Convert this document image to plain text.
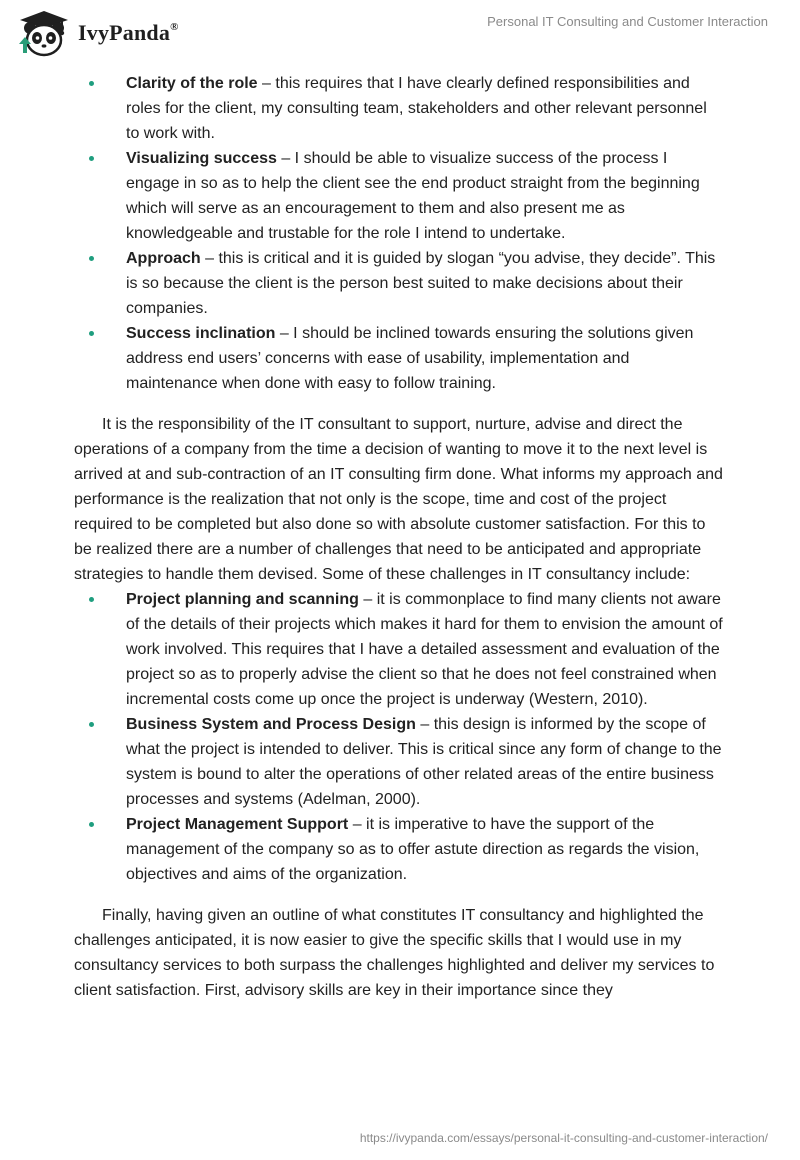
IvyPanda®	Personal IT Consulting and Customer Interaction
Clarity of the role – this requires that I have clearly defined responsibilities and roles for the client, my consulting team, stakeholders and other relevant personnel to work with.
Visualizing success – I should be able to visualize success of the process I engage in so as to help the client see the end product straight from the beginning which will serve as an encouragement to them and also present me as knowledgeable and trustable for the role I intend to undertake.
Approach – this is critical and it is guided by slogan “you advise, they decide”. This is so because the client is the person best suited to make decisions about their companies.
Success inclination – I should be inclined towards ensuring the solutions given address end users’ concerns with ease of usability, implementation and maintenance when done with easy to follow training.

It is the responsibility of the IT consultant to support, nurture, advise and direct the operations of a company from the time a decision of wanting to move it to the next level is arrived at and sub-contraction of an IT consulting firm done. What informs my approach and performance is the realization that not only is the scope, time and cost of the project required to be completed but also done so with absolute customer satisfaction. For this to be realized there are a number of challenges that need to be anticipated and appropriate strategies to handle them devised. Some of these challenges in IT consultancy include:

Project planning and scanning – it is commonplace to find many clients not aware of the details of their projects which makes it hard for them to envision the amount of work involved. This requires that I have a detailed assessment and evaluation of the project so as to properly advise the client so that he does not feel constrained when incremental costs come up once the project is underway (Western, 2010).
Business System and Process Design – this design is informed by the scope of what the project is intended to deliver. This is critical since any form of change to the system is bound to alter the operations of other related areas of the entire business processes and systems (Adelman, 2000).
Project Management Support – it is imperative to have the support of the management of the company so as to offer astute direction as regards the vision, objectives and aims of the organization.

Finally, having given an outline of what constitutes IT consultancy and highlighted the challenges anticipated, it is now easier to give the specific skills that I would use in my consultancy services to both surpass the challenges highlighted and deliver my services to client satisfaction. First, advisory skills are key in their importance since they

https://ivypanda.com/essays/personal-it-consulting-and-customer-interaction/
